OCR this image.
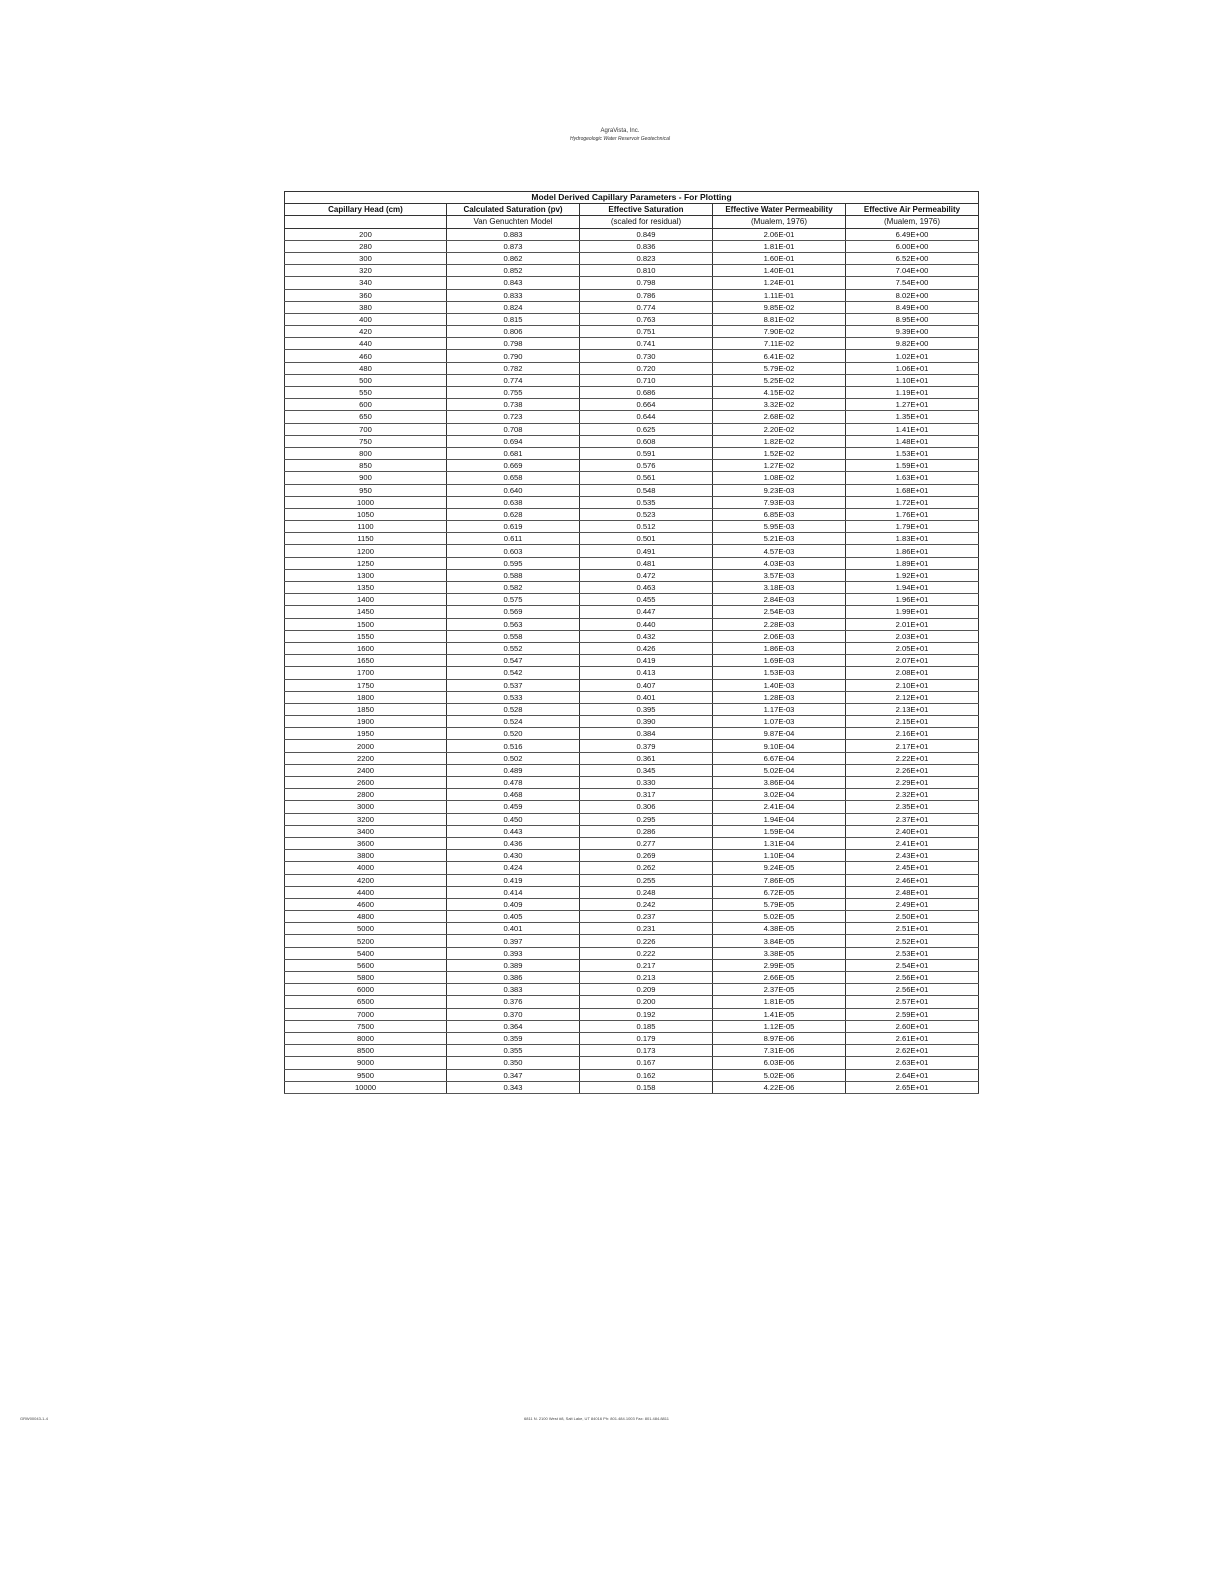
AgraVista, Inc.
Hydrogeologic Water Reservoir Geotechnical
Model Derived Capillary Parameters - For Plotting				
Capillary Head (cm)	Calculated Saturation (pv)	Effective Saturation	Effective Water Permeability	Effective Air Permeability
	Van Genuchten Model	(scaled for residual)	(Mualem, 1976)	(Mualem, 1976)
200	0.883	0.849	2.06E-01	6.49E+00
280	0.873	0.836	1.81E-01	6.00E+00
300	0.862	0.823	1.60E-01	6.52E+00
320	0.852	0.810	1.40E-01	7.04E+00
340	0.843	0.798	1.24E-01	7.54E+00
360	0.833	0.786	1.11E-01	8.02E+00
380	0.824	0.774	9.85E-02	8.49E+00
400	0.815	0.763	8.81E-02	8.95E+00
420	0.806	0.751	7.90E-02	9.39E+00
440	0.798	0.741	7.11E-02	9.82E+00
460	0.790	0.730	6.41E-02	1.02E+01
480	0.782	0.720	5.79E-02	1.06E+01
500	0.774	0.710	5.25E-02	1.10E+01
550	0.755	0.686	4.15E-02	1.19E+01
600	0.738	0.664	3.32E-02	1.27E+01
650	0.723	0.644	2.68E-02	1.35E+01
700	0.708	0.625	2.20E-02	1.41E+01
750	0.694	0.608	1.82E-02	1.48E+01
800	0.681	0.591	1.52E-02	1.53E+01
850	0.669	0.576	1.27E-02	1.59E+01
900	0.658	0.561	1.08E-02	1.63E+01
950	0.640	0.548	9.23E-03	1.68E+01
1000	0.638	0.535	7.93E-03	1.72E+01
1050	0.628	0.523	6.85E-03	1.76E+01
1100	0.619	0.512	5.95E-03	1.79E+01
1150	0.611	0.501	5.21E-03	1.83E+01
1200	0.603	0.491	4.57E-03	1.86E+01
1250	0.595	0.481	4.03E-03	1.89E+01
1300	0.588	0.472	3.57E-03	1.92E+01
1350	0.582	0.463	3.18E-03	1.94E+01
1400	0.575	0.455	2.84E-03	1.96E+01
1450	0.569	0.447	2.54E-03	1.99E+01
1500	0.563	0.440	2.28E-03	2.01E+01
1550	0.558	0.432	2.06E-03	2.03E+01
1600	0.552	0.426	1.86E-03	2.05E+01
1650	0.547	0.419	1.69E-03	2.07E+01
1700	0.542	0.413	1.53E-03	2.08E+01
1750	0.537	0.407	1.40E-03	2.10E+01
1800	0.533	0.401	1.28E-03	2.12E+01
1850	0.528	0.395	1.17E-03	2.13E+01
1900	0.524	0.390	1.07E-03	2.15E+01
1950	0.520	0.384	9.87E-04	2.16E+01
2000	0.516	0.379	9.10E-04	2.17E+01
2200	0.502	0.361	6.67E-04	2.22E+01
2400	0.489	0.345	5.02E-04	2.26E+01
2600	0.478	0.330	3.86E-04	2.29E+01
2800	0.468	0.317	3.02E-04	2.32E+01
3000	0.459	0.306	2.41E-04	2.35E+01
3200	0.450	0.295	1.94E-04	2.37E+01
3400	0.443	0.286	1.59E-04	2.40E+01
3600	0.436	0.277	1.31E-04	2.41E+01
3800	0.430	0.269	1.10E-04	2.43E+01
4000	0.424	0.262	9.24E-05	2.45E+01
4200	0.419	0.255	7.86E-05	2.46E+01
4400	0.414	0.248	6.72E-05	2.48E+01
4600	0.409	0.242	5.79E-05	2.49E+01
4800	0.405	0.237	5.02E-05	2.50E+01
5000	0.401	0.231	4.38E-05	2.51E+01
5200	0.397	0.226	3.84E-05	2.52E+01
5400	0.393	0.222	3.38E-05	2.53E+01
5600	0.389	0.217	2.99E-05	2.54E+01
5800	0.386	0.213	2.66E-05	2.56E+01
6000	0.383	0.209	2.37E-05	2.56E+01
6500	0.376	0.200	1.81E-05	2.57E+01
7000	0.370	0.192	1.41E-05	2.59E+01
7500	0.364	0.185	1.12E-05	2.60E+01
8000	0.359	0.179	8.97E-06	2.61E+01
8500	0.355	0.173	7.31E-06	2.62E+01
9000	0.350	0.167	6.03E-06	2.63E+01
9500	0.347	0.162	5.02E-06	2.64E+01
10000	0.343	0.158	4.22E-06	2.65E+01
GRW00043-1-4	6811 N. 2100 West #8, Salt Lake, UT 84016 Ph: 801.484.1003 Fax: 801.484.8811
